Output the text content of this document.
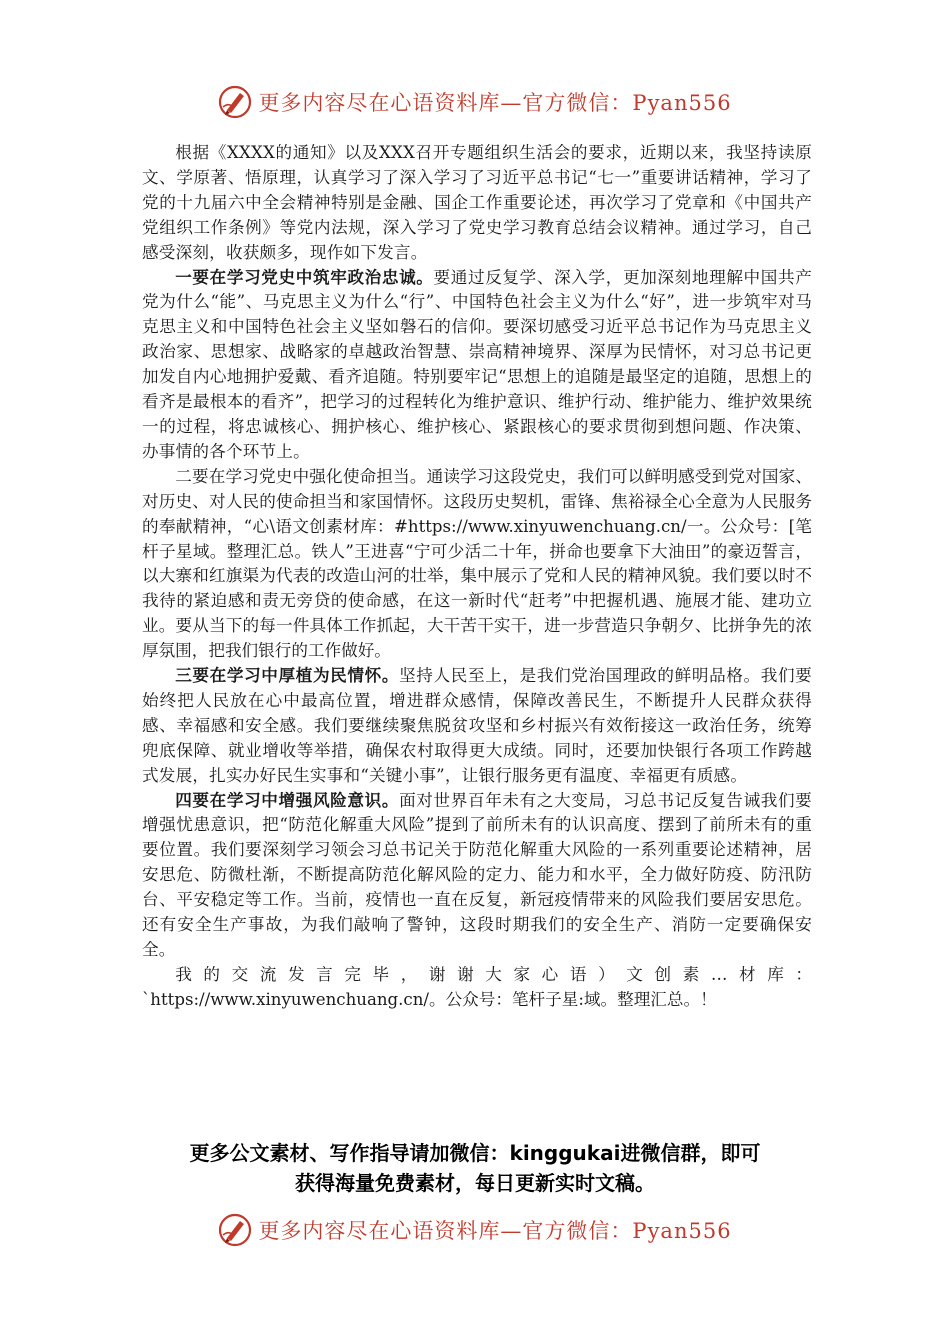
更多内容尽在心语资料库—官方微信：Pyan556

根据《XXXX的通知》以及XXX召开专题组织生活会的要求，近期以来，我坚持读原文、学原著、悟原理，认真学习了深入学习了习近平总书记“七一”重要讲话精神，学习了党的十九届六中全会精神特别是金融、国企工作重要论述，再次学习了党章和《中国共产党组织工作条例》等党内法规，深入学习了党史学习教育总结会议精神。通过学习，自己感受深刻，收获颇多，现作如下发言。

一要在学习党史中筑牢政治忠诚。要通过反复学、深入学，更加深刻地理解中国共产党为什么“能”、马克思主义为什么“行”、中国特色社会主义为什么“好”，进一步筑牢对马克思主义和中国特色社会主义坚如磐石的信仰。要深切感受习近平总书记作为马克思主义政治家、思想家、战略家的卓越政治智慧、崇高精神境界、深厚为民情怀，对习总书记更加发自内心地拥护爱戴、看齐追随。特别要牢记“思想上的追随是最坚定的追随，思想上的看齐是最根本的看齐”，把学习的过程转化为维护意识、维护行动、维护能力、维护效果统一的过程，将忠诚核心、拥护核心、维护核心、紧跟核心的要求贯彻到想问题、作决策、办事情的各个环节上。

二要在学习党史中强化使命担当。通读学习这段党史，我们可以鲜明感受到党对国家、对历史、对人民的使命担当和家国情怀。这段历史契机，雷锋、焦裕禄全心全意为人民服务的奉献精神，“心\语文创素材库：#https://www.xinyuwenchuang.cn/一。公众号：[笔杆子星域。整理汇总。铁人”王进喜“宁可少活二十年，拼命也要拿下大油田”的豪迈誓言，以大寨和红旗渠为代表的改造山河的壮举，集中展示了党和人民的精神风貌。我们要以时不我待的紧迫感和责无旁贷的使命感，在这一新时代“赶考”中把握机遇、施展才能、建功立业。要从当下的每一件具体工作抓起，大干苦干实干，进一步营造只争朝夕、比拼争先的浓厚氛围，把我们银行的工作做好。

三要在学习中厚植为民情怀。坚持人民至上，是我们党治国理政的鲜明品格。我们要始终把人民放在心中最高位置，增进群众感情，保障改善民生，不断提升人民群众获得感、幸福感和安全感。我们要继续聚焦脱贫攻坚和乡村振兴有效衔接这一政治任务，统筹兜底保障、就业增收等举措，确保农村取得更大成绩。同时，还要加快银行各项工作跨越式发展，扎实办好民生实事和“关键小事”，让银行服务更有温度、幸福更有质感。

四要在学习中增强风险意识。面对世界百年未有之大变局，习总书记反复告诫我们要增强忧患意识，把“防范化解重大风险”提到了前所未有的认识高度、摆到了前所未有的重要位置。我们要深刻学习领会习总书记关于防范化解重大风险的一系列重要论述精神，居安思危、防微杜渐，不断提高防范化解风险的定力、能力和水平，全力做好防疫、防汛防台、平安稳定等工作。当前，疫情也一直在反复，新冠疫情带来的风险我们要居安思危。还有安全生产事故，为我们敲响了警钟，这段时期我们的安全生产、消防一定要确保安全。

我的交流发言完毕，谢谢大家心语）文创素…材库：`https://www.xinyuwenchuang.cn/。公众号：笔杆子星:域。整理汇总。！

更多公文素材、写作指导请加微信：kinggukai进微信群，即可
获得海量免费素材，每日更新实时文稿。
更多内容尽在心语资料库—官方微信：Pyan556
